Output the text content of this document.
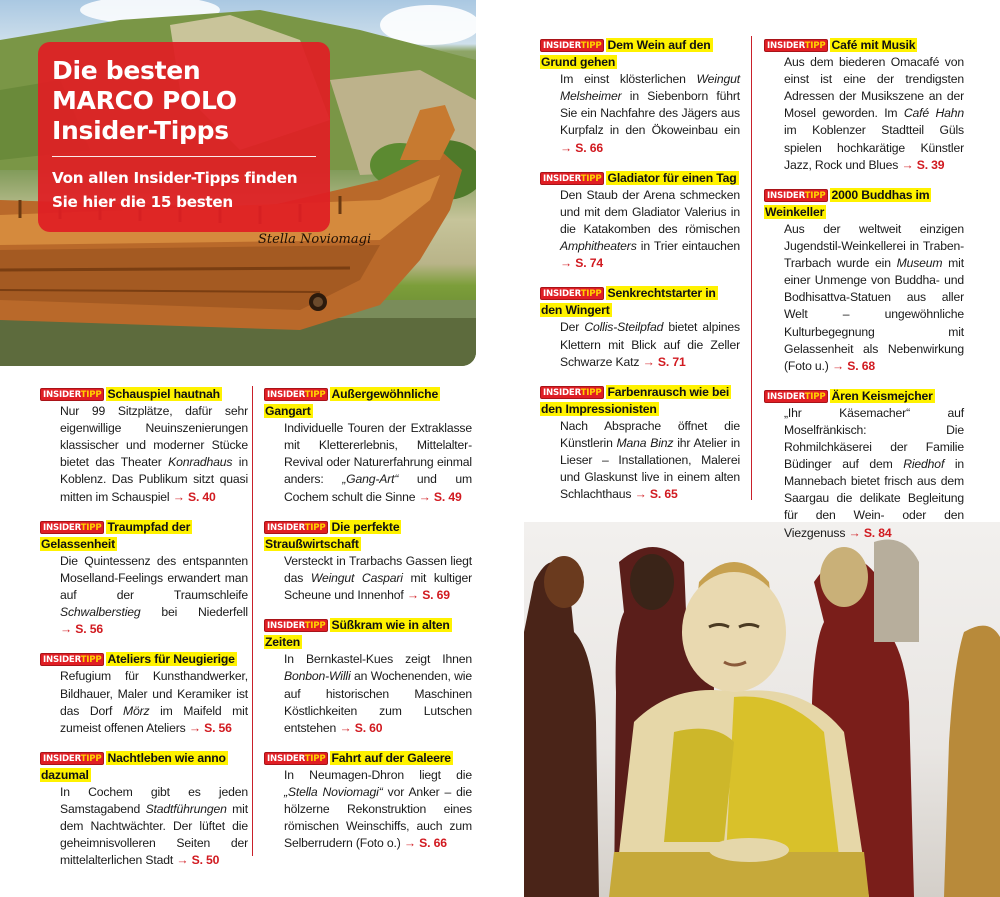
Stella Noviomagi
Die besten
MARCO POLO
Insider-Tipps
Von allen Insider-Tipps finden
Sie hier die 15 besten
INSIDERTIPP Schauspiel hautnah

Nur 99 Sitzplätze, dafür sehr eigenwillige Neuinszenierungen klassischer und moderner Stücke bietet das Theater Konradhaus in Koblenz. Das Publikum sitzt quasi mitten im Schauspiel → S. 40

INSIDERTIPP Traumpfad der Gelassenheit

Die Quintessenz des entspannten Moselland-Feelings erwandert man auf der Traumschleife Schwalberstieg bei Niederfell → S. 56

INSIDERTIPP Ateliers für Neugierige

Refugium für Kunsthandwerker, Bildhauer, Maler und Keramiker ist das Dorf Mörz im Maifeld mit zumeist offenen Ateliers → S. 56

INSIDERTIPP Nachtleben wie anno dazumal

In Cochem gibt es jeden Samstagabend Stadtführungen mit dem Nachtwächter. Der lüftet die geheimnisvolleren Seiten der mittelalterlichen Stadt → S. 50

INSIDERTIPP Außergewöhnliche Gangart

Individuelle Touren der Extraklasse mit Klettererlebnis, Mittelalter-Revival oder Naturerfahrung einmal anders: „Gang-Art“ und um Cochem schult die Sinne → S. 49

INSIDERTIPP Die perfekte Straußwirtschaft

Versteckt in Trarbachs Gassen liegt das Weingut Caspari mit kultiger Scheune und Innenhof → S. 69

INSIDERTIPP Süßkram wie in alten Zeiten

In Bernkastel-Kues zeigt Ihnen Bonbon-Willi an Wochenenden, wie auf historischen Maschinen Köstlichkeiten zum Lutschen entstehen → S. 60

INSIDERTIPP Fahrt auf der Galeere

In Neumagen-Dhron liegt die „Stella Noviomagi“ vor Anker – die hölzerne Rekonstruktion eines römischen Weinschiffs, auch zum Selberrudern (Foto o.) → S. 66

INSIDERTIPP Dem Wein auf den Grund gehen

Im einst klösterlichen Weingut Melsheimer in Siebenborn führt Sie ein Nachfahre des Jägers aus Kurpfalz in den Ökoweinbau ein → S. 66

INSIDERTIPP Gladiator für einen Tag

Den Staub der Arena schmecken und mit dem Gladiator Valerius in die Katakomben des römischen Amphitheaters in Trier eintauchen → S. 74

INSIDERTIPP Senkrechtstarter in den Wingert

Der Collis-Steilpfad bietet alpines Klettern mit Blick auf die Zeller Schwarze Katz → S. 71

INSIDERTIPP Farbenrausch wie bei den Impressionisten

Nach Absprache öffnet die Künstlerin Mana Binz ihr Atelier in Lieser – Installationen, Malerei und Glaskunst live in einem alten Schlachthaus → S. 65

INSIDERTIPP Café mit Musik

Aus dem biederen Omacafé von einst ist eine der trendigsten Adressen der Musikszene an der Mosel geworden. Im Café Hahn im Koblenzer Stadtteil Güls spielen hochkarätige Künstler Jazz, Rock und Blues → S. 39

INSIDERTIPP 2000 Buddhas im Weinkeller

Aus der weltweit einzigen Jugendstil-Weinkellerei in Traben-Trarbach wurde ein Museum mit einer Unmenge von Buddha- und Bodhisattva-Statuen aus aller Welt – ungewöhnliche Kulturbegegnung mit Gelassenheit als Nebenwirkung (Foto u.) → S. 68

INSIDERTIPP Ären Keismejcher

„Ihr Käsemacher“ auf Moselfränkisch: Die Rohmilchkäserei der Familie Büdinger auf dem Riedhof in Mannebach bietet frisch aus dem Saargau die delikate Begleitung für den Wein- oder den Viezgenuss → S. 84
